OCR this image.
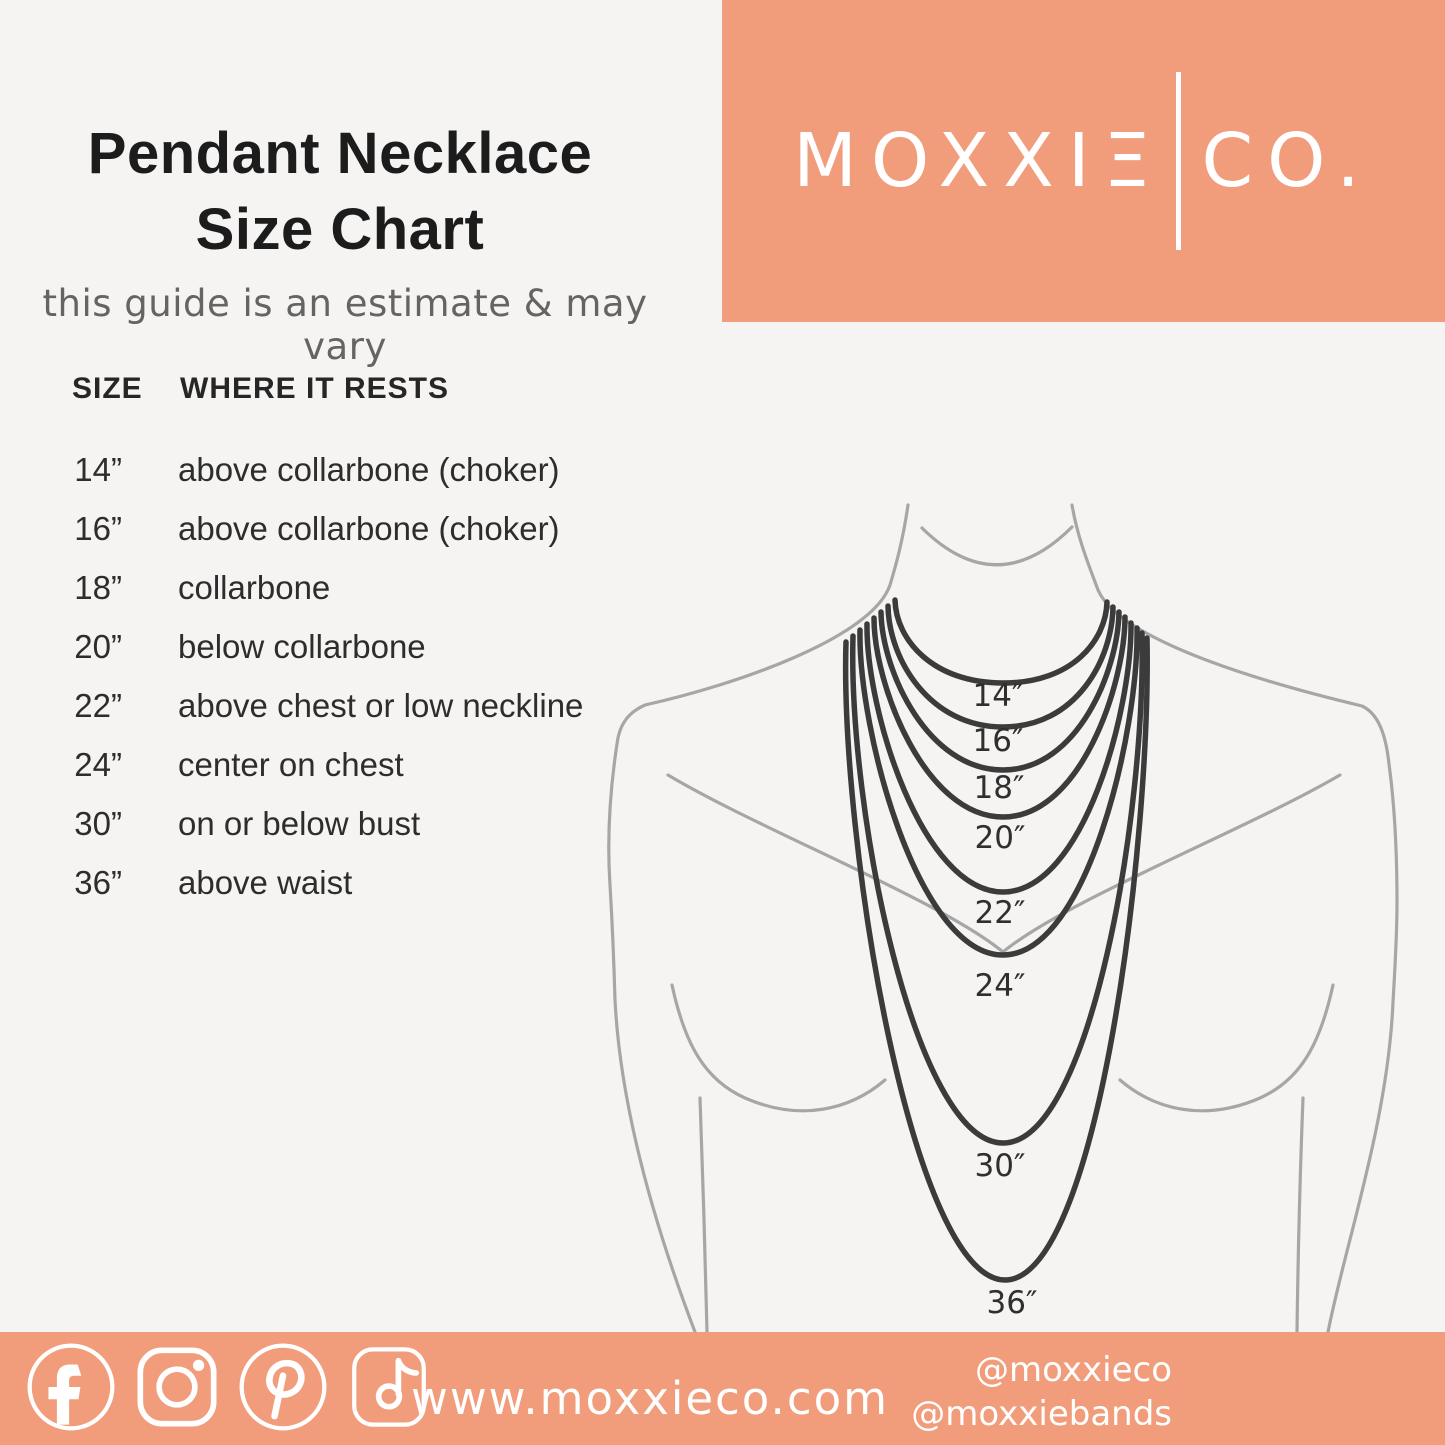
Pendant Necklace
Size Chart
this guide is an estimate & may vary
MOXXIΞ CO.
SIZE WHERE IT RESTS
14” above collarbone (choker)
16” above collarbone (choker)
18” collarbone
20” below collarbone
22” above chest or low neckline
24” center on chest
30” on or below bust
36” above waist
14″
16″
18″
20″
22″
24″
30″
36″
www.moxxieco.com
@moxxieco
@moxxiebands
